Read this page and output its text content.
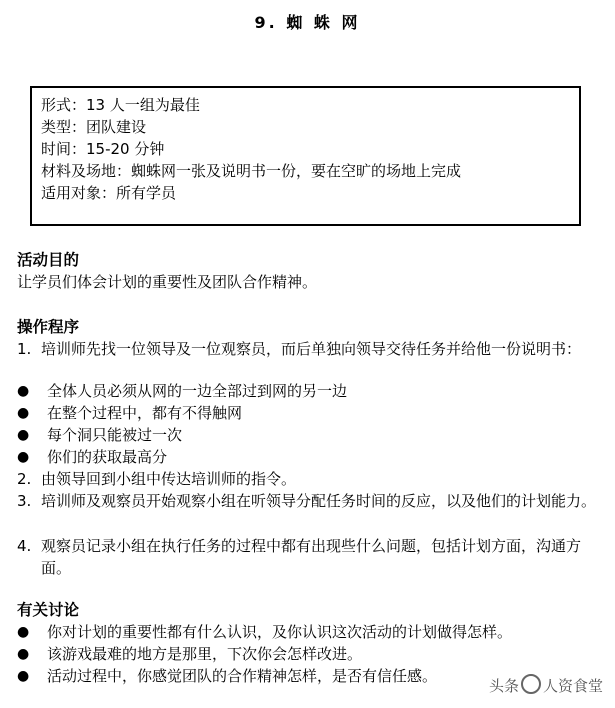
9. 蜘 蛛 网
形式：13 人一组为最佳
类型：团队建设
时间：15-20 分钟
材料及场地：蜘蛛网一张及说明书一份，要在空旷的场地上完成
适用对象：所有学员
活动目的
让学员们体会计划的重要性及团队合作精神。
操作程序
1. 培训师先找一位领导及一位观察员，而后单独向领导交待任务并给他一份说明书：
● 全体人员必须从网的一边全部过到网的另一边
● 在整个过程中，都有不得触网
● 每个洞只能被过一次
● 你们的获取最高分
2. 由领导回到小组中传达培训师的指令。
3. 培训师及观察员开始观察小组在听领导分配任务时间的反应，以及他们的计划能力。
4. 观察员记录小组在执行任务的过程中都有出现些什么问题，包括计划方面，沟通方面。
有关讨论
● 你对计划的重要性都有什么认识，及你认识这次活动的计划做得怎样。
● 该游戏最难的地方是那里，下次你会怎样改进。
● 活动过程中，你感觉团队的合作精神怎样，是否有信任感。
头条 人资食堂
